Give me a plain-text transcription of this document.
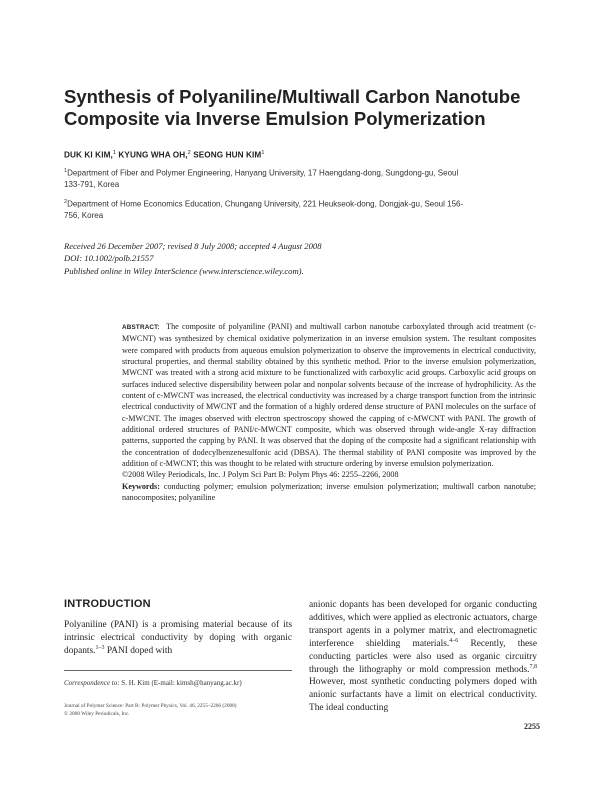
Synthesis of Polyaniline/Multiwall Carbon Nanotube Composite via Inverse Emulsion Polymerization
DUK KI KIM,$^1$ KYUNG WHA OH,$^2$ SEONG HUN KIM$^1$
$^1$Department of Fiber and Polymer Engineering, Hanyang University, 17 Haengdang-dong, Sungdong-gu, Seoul 133-791, Korea
$^2$Department of Home Economics Education, Chungang University, 221 Heukseok-dong, Dongjak-gu, Seoul 156-756, Korea
Received 26 December 2007; revised 8 July 2008; accepted 4 August 2008
DOI: 10.1002/polb.21557
Published online in Wiley InterScience (www.interscience.wiley.com).

ABSTRACT: The composite of polyaniline (PANI) and multiwall carbon nanotube carboxylated through acid treatment (c-MWCNT) was synthesized by chemical oxidative polymerization in an inverse emulsion system. The resultant composites were compared with products from aqueous emulsion polymerization to observe the improvements in electrical conductivity, structural properties, and thermal stability obtained by this synthetic method. Prior to the inverse emulsion polymerization, MWCNT was treated with a strong acid mixture to be functionalized with carboxylic acid groups. Carboxylic acid groups on surfaces induced selective dispersibility between polar and nonpolar solvents because of the increase of hydrophilicity. As the content of c-MWCNT was increased, the electrical conductivity was increased by a charge transport function from the intrinsic electrical conductivity of MWCNT and the formation of a highly ordered dense structure of PANI molecules on the surface of c-MWCNT. The images observed with electron spectroscopy showed the capping of c-MWCNT with PANI. The growth of additional ordered structures of PANI/c-MWCNT composite, which was observed through wide-angle X-ray diffraction patterns, supported the capping by PANI. It was observed that the doping of the composite had a significant relationship with the concentration of dodecylbenzenesulfonic acid (DBSA). The thermal stability of PANI composite was improved by the addition of c-MWCNT; this was thought to be related with structure ordering by inverse emulsion polymerization.
©2008 Wiley Periodicals, Inc. J Polym Sci Part B: Polym Phys 46: 2255–2266, 2008
Keywords: conducting polymer; emulsion polymerization; inverse emulsion polymerization; multiwall carbon nanotube; nanocomposites; polyaniline

INTRODUCTION

Polyaniline (PANI) is a promising material because of its intrinsic electrical conductivity by doping with organic dopants.$^{1-3}$ PANI doped with

anionic dopants has been developed for organic conducting additives, which were applied as electronic actuators, charge transport agents in a polymer matrix, and electromagnetic interference shielding materials.$^{4-6}$ Recently, these conducting particles were also used as organic circuitry through the lithography or mold compression methods.$^{7,8}$ However, most synthetic conducting polymers doped with anionic surfactants have a limit on electrical conductivity. The ideal conducting

Correspondence to: S. H. Kim (E-mail: kimsh@hanyang.ac.kr)
Journal of Polymer Science: Part B: Polymer Physics, Vol. 46, 2255–2266 (2008)
© 2008 Wiley Periodicals, Inc.
2255
